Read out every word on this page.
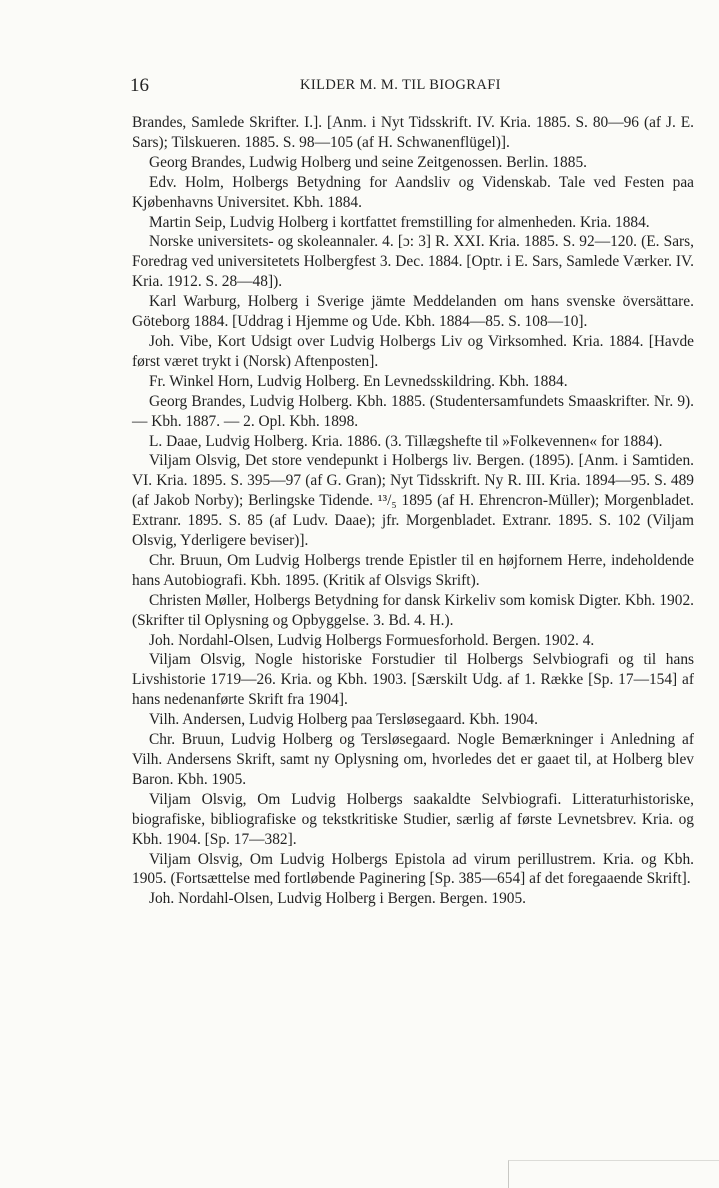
16	KILDER M. M. TIL BIOGRAFI

Brandes, Samlede Skrifter. I.]. [Anm. i Nyt Tidsskrift. IV. Kria. 1885. S. 80—96 (af J. E. Sars); Tilskueren. 1885. S. 98—105 (af H. Schwanenflügel)].

Georg Brandes, Ludwig Holberg und seine Zeitgenossen. Berlin. 1885.

Edv. Holm, Holbergs Betydning for Aandsliv og Videnskab. Tale ved Festen paa Kjøbenhavns Universitet. Kbh. 1884.

Martin Seip, Ludvig Holberg i kortfattet fremstilling for almenheden. Kria. 1884.

Norske universitets- og skoleannaler. 4. [ɔ: 3] R. XXI. Kria. 1885. S. 92—120. (E. Sars, Foredrag ved universitetets Holbergfest 3. Dec. 1884. [Optr. i E. Sars, Samlede Værker. IV. Kria. 1912. S. 28—48]).

Karl Warburg, Holberg i Sverige jämte Meddelanden om hans svenske översättare. Göteborg 1884. [Uddrag i Hjemme og Ude. Kbh. 1884—85. S. 108—10].

Joh. Vibe, Kort Udsigt over Ludvig Holbergs Liv og Virksomhed. Kria. 1884. [Havde først været trykt i (Norsk) Aftenposten].

Fr. Winkel Horn, Ludvig Holberg. En Levnedsskildring. Kbh. 1884.

Georg Brandes, Ludvig Holberg. Kbh. 1885. (Studentersamfundets Smaaskrifter. Nr. 9). — Kbh. 1887. — 2. Opl. Kbh. 1898.

L. Daae, Ludvig Holberg. Kria. 1886. (3. Tillægshefte til »Folkevennen« for 1884).

Viljam Olsvig, Det store vendepunkt i Holbergs liv. Bergen. (1895). [Anm. i Samtiden. VI. Kria. 1895. S. 395—97 (af G. Gran); Nyt Tidsskrift. Ny R. III. Kria. 1894—95. S. 489 (af Jakob Norby); Berlingske Tidende. ¹³/₅ 1895 (af H. Ehrencron-Müller); Morgenbladet. Extranr. 1895. S. 85 (af Ludv. Daae); jfr. Morgenbladet. Extranr. 1895. S. 102 (Viljam Olsvig, Yderligere beviser)].

Chr. Bruun, Om Ludvig Holbergs trende Epistler til en højfornem Herre, indeholdende hans Autobiografi. Kbh. 1895. (Kritik af Olsvigs Skrift).

Christen Møller, Holbergs Betydning for dansk Kirkeliv som komisk Digter. Kbh. 1902. (Skrifter til Oplysning og Opbyggelse. 3. Bd. 4. H.).

Joh. Nordahl-Olsen, Ludvig Holbergs Formuesforhold. Bergen. 1902. 4.

Viljam Olsvig, Nogle historiske Forstudier til Holbergs Selvbiografi og til hans Livshistorie 1719—26. Kria. og Kbh. 1903. [Særskilt Udg. af 1. Række [Sp. 17—154] af hans nedenanførte Skrift fra 1904].

Vilh. Andersen, Ludvig Holberg paa Tersløsegaard. Kbh. 1904.

Chr. Bruun, Ludvig Holberg og Tersløsegaard. Nogle Bemærkninger i Anledning af Vilh. Andersens Skrift, samt ny Oplysning om, hvorledes det er gaaet til, at Holberg blev Baron. Kbh. 1905.

Viljam Olsvig, Om Ludvig Holbergs saakaldte Selvbiografi. Litteraturhistoriske, biografiske, bibliografiske og tekstkritiske Studier, særlig af første Levnetsbrev. Kria. og Kbh. 1904. [Sp. 17—382].

Viljam Olsvig, Om Ludvig Holbergs Epistola ad virum perillustrem. Kria. og Kbh. 1905. (Fortsættelse med fortløbende Paginering [Sp. 385—654] af det foregaaende Skrift].

Joh. Nordahl-Olsen, Ludvig Holberg i Bergen. Bergen. 1905.
